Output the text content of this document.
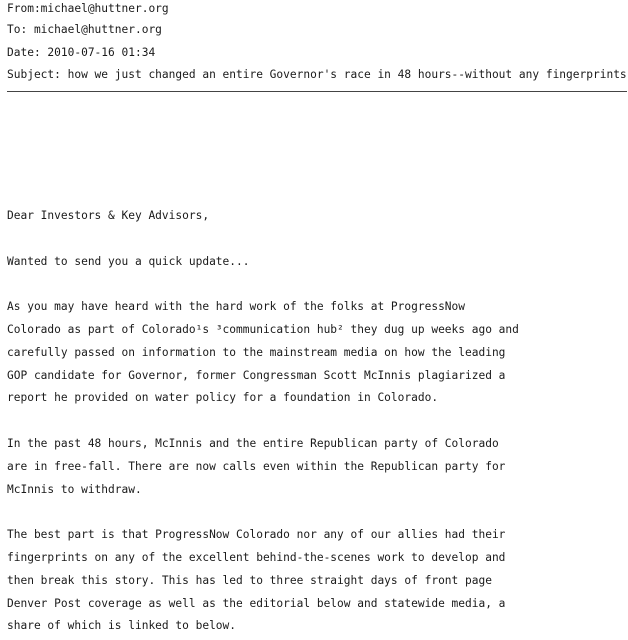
From:michael@huttner.org
To: michael@huttner.org
Date: 2010-07-16 01:34
Subject: how we just changed an entire Governor's race in 48 hours--without any fingerprints
Dear Investors & Key Advisors,
Wanted to send you a quick update...
As you may have heard with the hard work of the folks at ProgressNow
Colorado as part of Colorado¹s ³communication hub² they dug up weeks ago and
carefully passed on information to the mainstream media on how the leading
GOP candidate for Governor, former Congressman Scott McInnis plagiarized a
report he provided on water policy for a foundation in Colorado.
In the past 48 hours, McInnis and the entire Republican party of Colorado
are in free-fall. There are now calls even within the Republican party for
McInnis to withdraw.
The best part is that ProgressNow Colorado nor any of our allies had their
fingerprints on any of the excellent behind-the-scenes work to develop and
then break this story. This has led to three straight days of front page
Denver Post coverage as well as the editorial below and statewide media, a
share of which is linked to below.
